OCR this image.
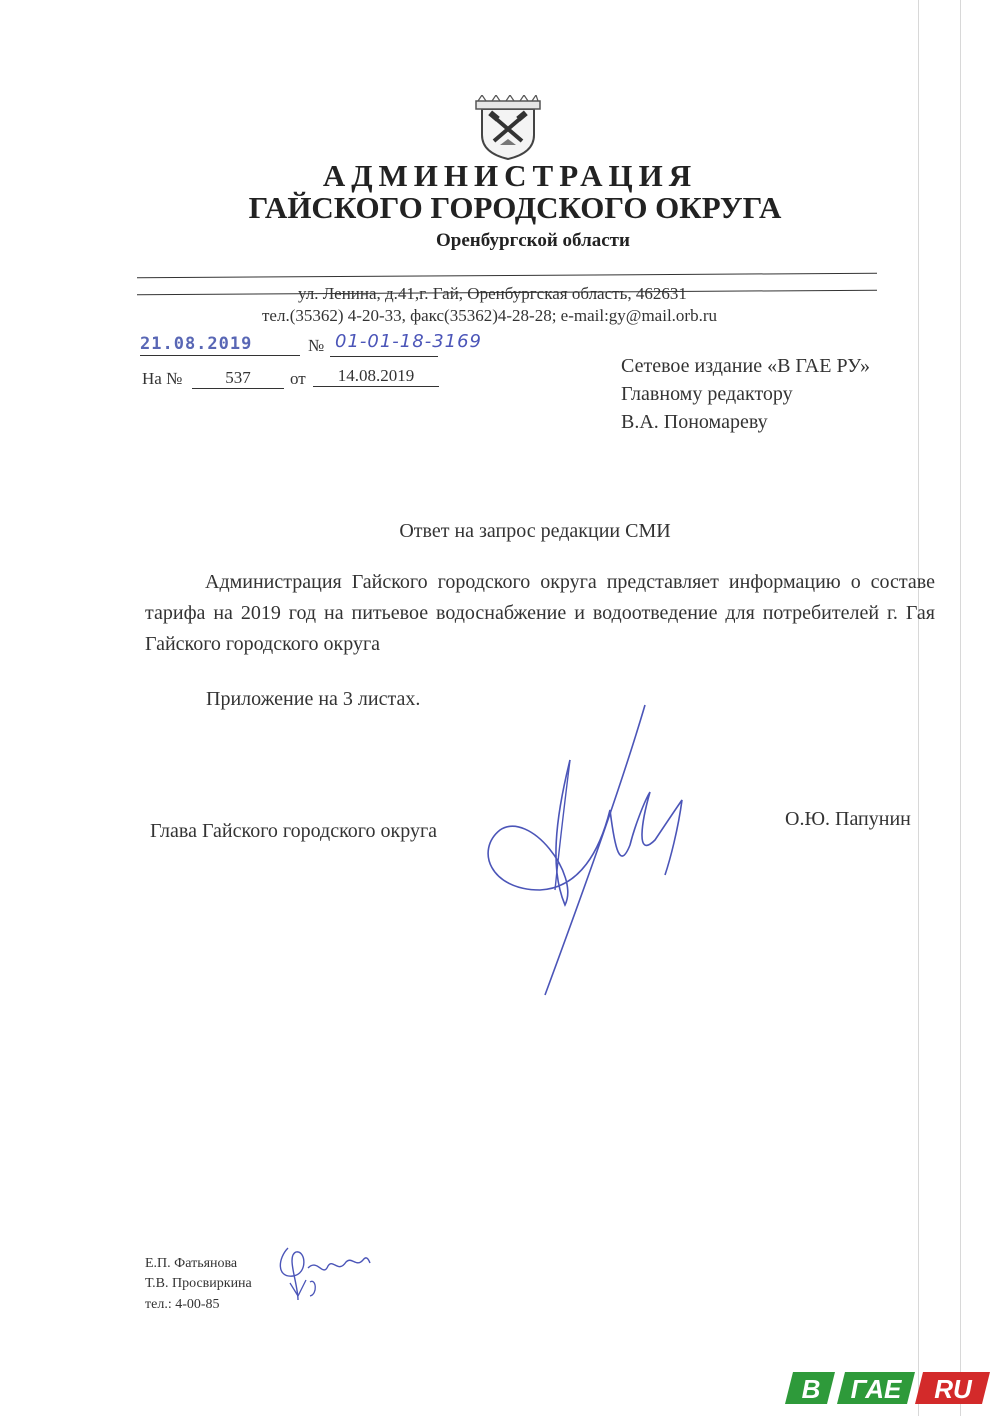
АДМИНИСТРАЦИЯ
ГАЙСКОГО ГОРОДСКОГО ОКРУГА
Оренбургской области
ул. Ленина, д.41,г. Гай, Оренбургская область, 462631
тел.(35362) 4-20-33, факс(35362)4-28-28; e-mail:gy@mail.orb.ru
21.08.2019	№ 01-01-18-3169
На №	537	от	14.08.2019	Сетевое издание «В ГАЕ РУ»
Главному редактору
В.А. Пономареву
Ответ на запрос редакции СМИ

Администрация Гайского городского округа представляет информацию о составе тарифа на 2019 год на питьевое водоснабжение и водоотведение для потребителей г. Гая Гайского городского округа

Приложение на 3 листах.
Глава Гайского городского округа
О.Ю. Папунин
Е.П. Фатьянова
Т.В. Просвиркина
тел.: 4-00-85
В ГАЕ RU
